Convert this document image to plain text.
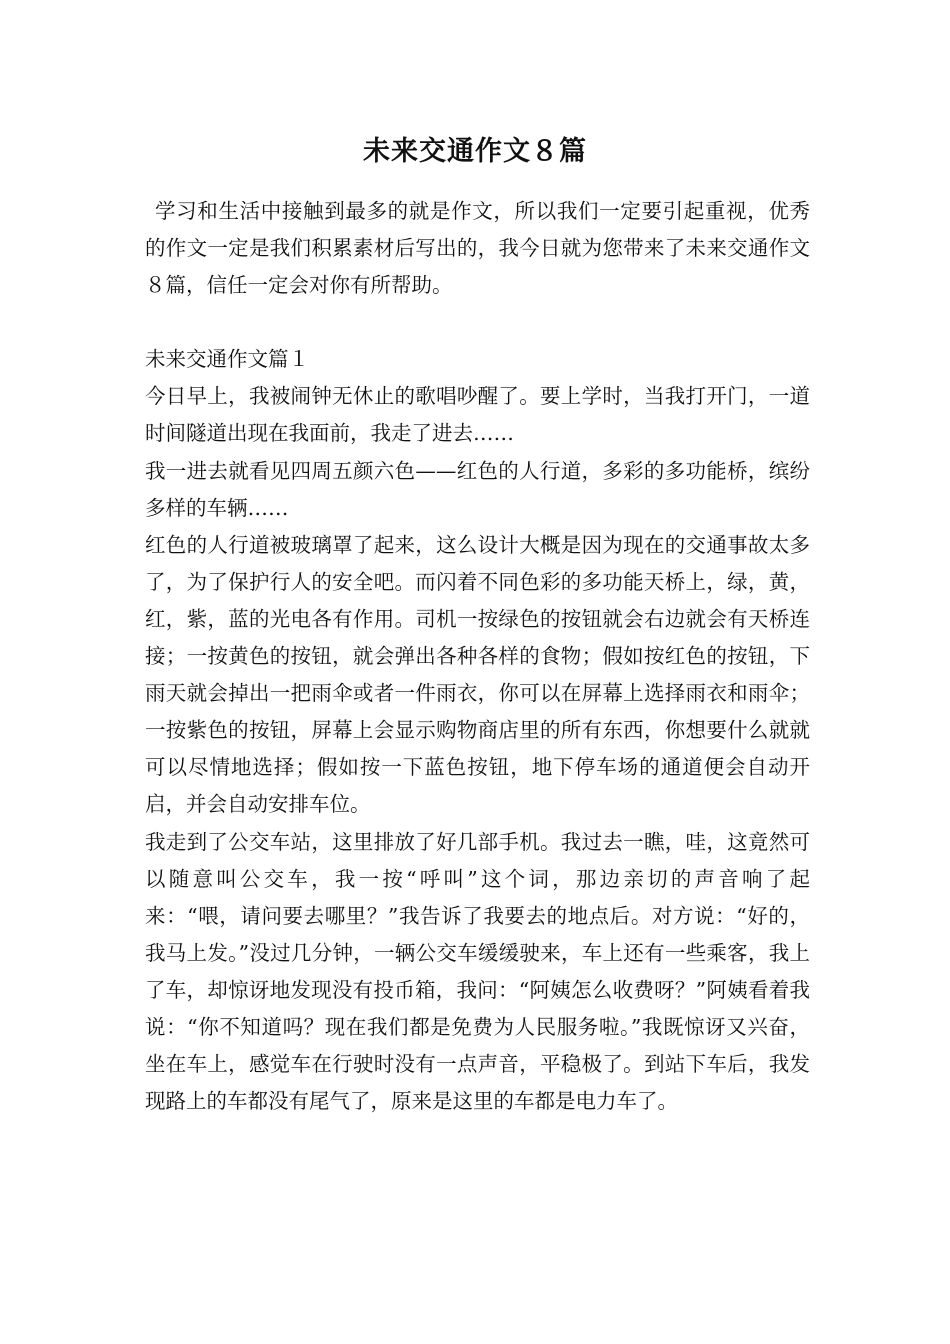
未来交通作文８篇

学习和生活中接触到最多的就是作文，所以我们一定要引起重视，优秀的作文一定是我们积累素材后写出的，我今日就为您带来了未来交通作文８篇，信任一定会对你有所帮助。

未来交通作文篇１

今日早上，我被闹钟无休止的歌唱吵醒了。要上学时，当我打开门，一道时间隧道出现在我面前，我走了进去……

我一进去就看见四周五颜六色——红色的人行道，多彩的多功能桥，缤纷多样的车辆……

红色的人行道被玻璃罩了起来，这么设计大概是因为现在的交通事故太多了，为了保护行人的安全吧。而闪着不同色彩的多功能天桥上，绿，黄，红，紫，蓝的光电各有作用。司机一按绿色的按钮就会右边就会有天桥连接；一按黄色的按钮，就会弹出各种各样的食物；假如按红色的按钮，下雨天就会掉出一把雨伞或者一件雨衣，你可以在屏幕上选择雨衣和雨伞；一按紫色的按钮，屏幕上会显示购物商店里的所有东西，你想要什么就就可以尽情地选择；假如按一下蓝色按钮，地下停车场的通道便会自动开启，并会自动安排车位。

我走到了公交车站，这里排放了好几部手机。我过去一瞧，哇，这竟然可以随意叫公交车，我一按“呼叫”这个词，那边亲切的声音响了起来：“喂，请问要去哪里？”我告诉了我要去的地点后。对方说：“好的，我马上发。”没过几分钟，一辆公交车缓缓驶来，车上还有一些乘客，我上了车，却惊讶地发现没有投币箱，我问：“阿姨怎么收费呀？”阿姨看着我说：“你不知道吗？现在我们都是免费为人民服务啦。”我既惊讶又兴奋，坐在车上，感觉车在行驶时没有一点声音，平稳极了。到站下车后，我发现路上的车都没有尾气了，原来是这里的车都是电力车了。
